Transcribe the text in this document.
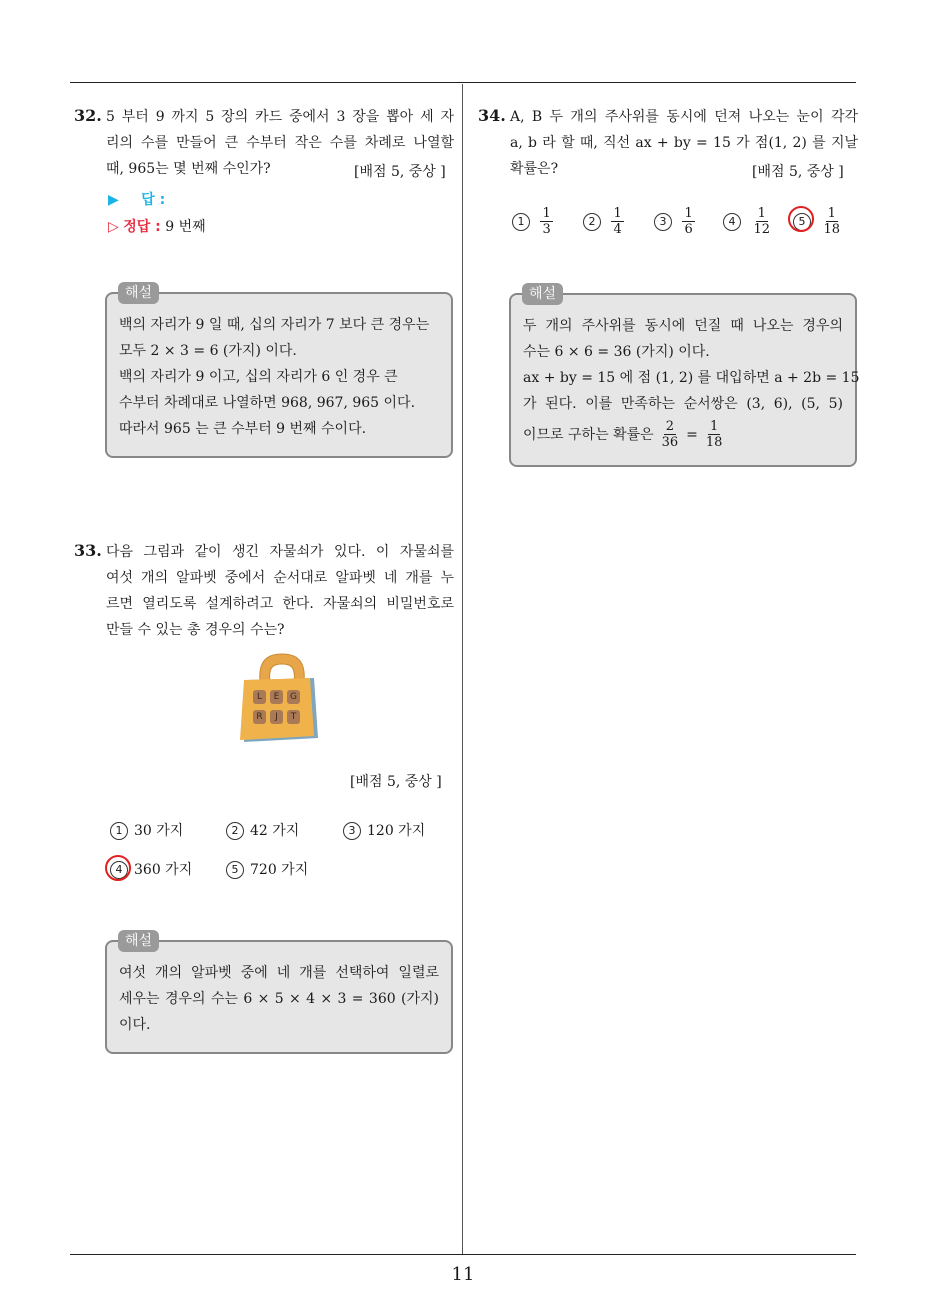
32. 5 부터 9 까지 5 장의 카드 중에서 3 장을 뽑아 세 자
리의 수를 만들어 큰 수부터 작은 수를 차례로 나열할
때, 965는 몇 번째 수인가?	[배점 5, 중상 ]
▶ 답 :
▷ 정답 : 9 번째
백의 자리가 9 일 때, 십의 자리가 7 보다 큰 경우는
모두 2 × 3 = 6 (가지) 이다.
백의 자리가 9 이고, 십의 자리가 6 인 경우 큰
수부터 차례대로 나열하면 968, 967, 965 이다.
따라서 965 는 큰 수부터 9 번째 수이다.
해설
33. 다음 그림과 같이 생긴 자물쇠가 있다. 이 자물쇠를
여섯 개의 알파벳 중에서 순서대로 알파벳 네 개를 누
르면 열리도록 설계하려고 한다. 자물쇠의 비밀번호로
만들 수 있는 총 경우의 수는?
L	E	G
R	J	T
[배점 5, 중상 ]
1 30 가지	2 42 가지	3 120 가지
4 360 가지	5 720 가지
여섯 개의 알파벳 중에 네 개를 선택하여 일렬로
세우는 경우의 수는 6 × 5 × 4 × 3 = 360 (가지)
이다.
해설
34. A, B 두 개의 주사위를 동시에 던져 나오는 눈이 각각
a, b 라 할 때, 직선 ax + by = 15 가 점(1, 2) 를 지날
확률은?	[배점 5, 중상 ]
$1 \frac{1}{3}$	$2 \frac{1}{4}$	$3 \frac{1}{6}$	$4 \frac{1}{12}$	$5 \frac{1}{18}$
두 개의 주사위를 동시에 던질 때 나오는 경우의
수는 6 × 6 = 36 (가지) 이다.
ax + by = 15 에 점 (1, 2) 를 대입하면 a + 2b = 15
가 된다. 이를 만족하는 순서쌍은 (3, 6), (5, 5)
이므로 구하는 확률은 $\frac{2}{36} = \frac{1}{18}$
해설
11
